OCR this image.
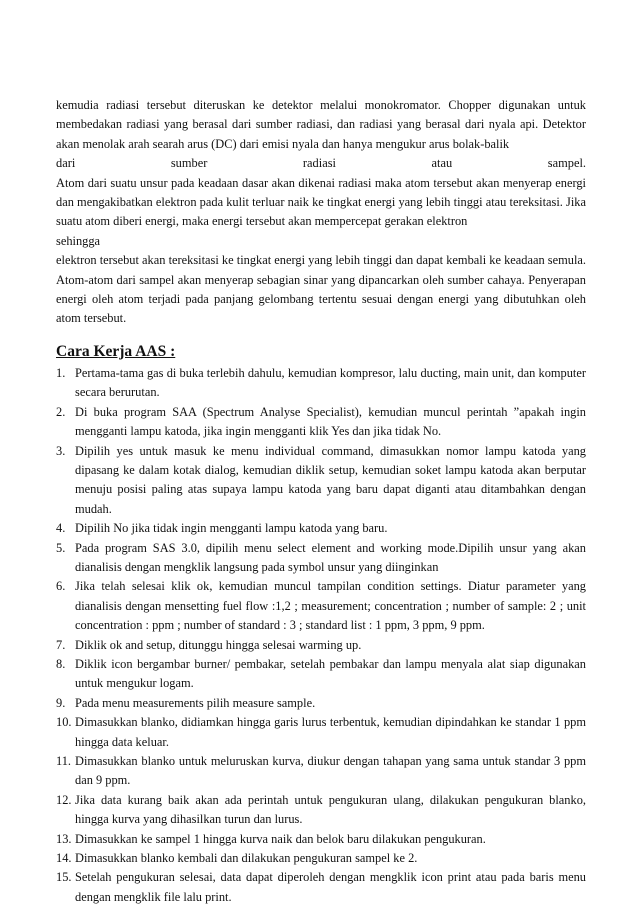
kemudia radiasi tersebut diteruskan ke detektor melalui monokromator. Chopper digunakan untuk membedakan radiasi yang berasal dari sumber radiasi, dan radiasi yang berasal dari nyala api. Detektor akan menolak arah searah arus (DC) dari emisi nyala dan hanya mengukur arus bolak-balik

dari sumber radiasi atau sampel.

Atom dari suatu unsur pada keadaan dasar akan dikenai radiasi maka atom tersebut akan menyerap energi dan mengakibatkan elektron pada kulit terluar naik ke tingkat energi yang lebih tinggi atau tereksitasi. Jika suatu atom diberi energi, maka energi tersebut akan mempercepat gerakan elektron

sehingga

elektron tersebut akan tereksitasi ke tingkat energi yang lebih tinggi dan dapat kembali ke keadaan semula. Atom-atom dari sampel akan menyerap sebagian sinar yang dipancarkan oleh sumber cahaya. Penyerapan energi oleh atom terjadi pada panjang gelombang tertentu sesuai dengan energi yang dibutuhkan oleh atom tersebut.

Cara Kerja AAS :
1. Pertama-tama gas di buka terlebih dahulu, kemudian kompresor, lalu ducting, main unit, dan komputer secara berurutan.
2. Di buka program SAA (Spectrum Analyse Specialist), kemudian muncul perintah ”apakah ingin mengganti lampu katoda, jika ingin mengganti klik Yes dan jika tidak No.
3. Dipilih yes untuk masuk ke menu individual command, dimasukkan nomor lampu katoda yang dipasang ke dalam kotak dialog, kemudian diklik setup, kemudian soket lampu katoda akan berputar menuju posisi paling atas supaya lampu katoda yang baru dapat diganti atau ditambahkan dengan mudah.
4. Dipilih No jika tidak ingin mengganti lampu katoda yang baru.
5. Pada program SAS 3.0, dipilih menu select element and working mode.Dipilih unsur yang akan dianalisis dengan mengklik langsung pada symbol unsur yang diinginkan
6. Jika telah selesai klik ok, kemudian muncul tampilan condition settings. Diatur parameter yang dianalisis dengan mensetting fuel flow :1,2 ; measurement; concentration ; number of sample: 2 ; unit concentration : ppm ; number of standard : 3 ; standard list : 1 ppm, 3 ppm, 9 ppm.
7. Diklik ok and setup, ditunggu hingga selesai warming up.
8. Diklik icon bergambar burner/ pembakar, setelah pembakar dan lampu menyala alat siap digunakan untuk mengukur logam.
9. Pada menu measurements pilih measure sample.
10. Dimasukkan blanko, didiamkan hingga garis lurus terbentuk, kemudian dipindahkan ke standar 1 ppm hingga data keluar.
11. Dimasukkan blanko untuk meluruskan kurva, diukur dengan tahapan yang sama untuk standar 3 ppm dan 9 ppm.
12. Jika data kurang baik akan ada perintah untuk pengukuran ulang, dilakukan pengukuran blanko, hingga kurva yang dihasilkan turun dan lurus.
13. Dimasukkan ke sampel 1 hingga kurva naik dan belok baru dilakukan pengukuran.
14. Dimasukkan blanko kembali dan dilakukan pengukuran sampel ke 2.
15. Setelah pengukuran selesai, data dapat diperoleh dengan mengklik icon print atau pada baris menu dengan mengklik file lalu print.
